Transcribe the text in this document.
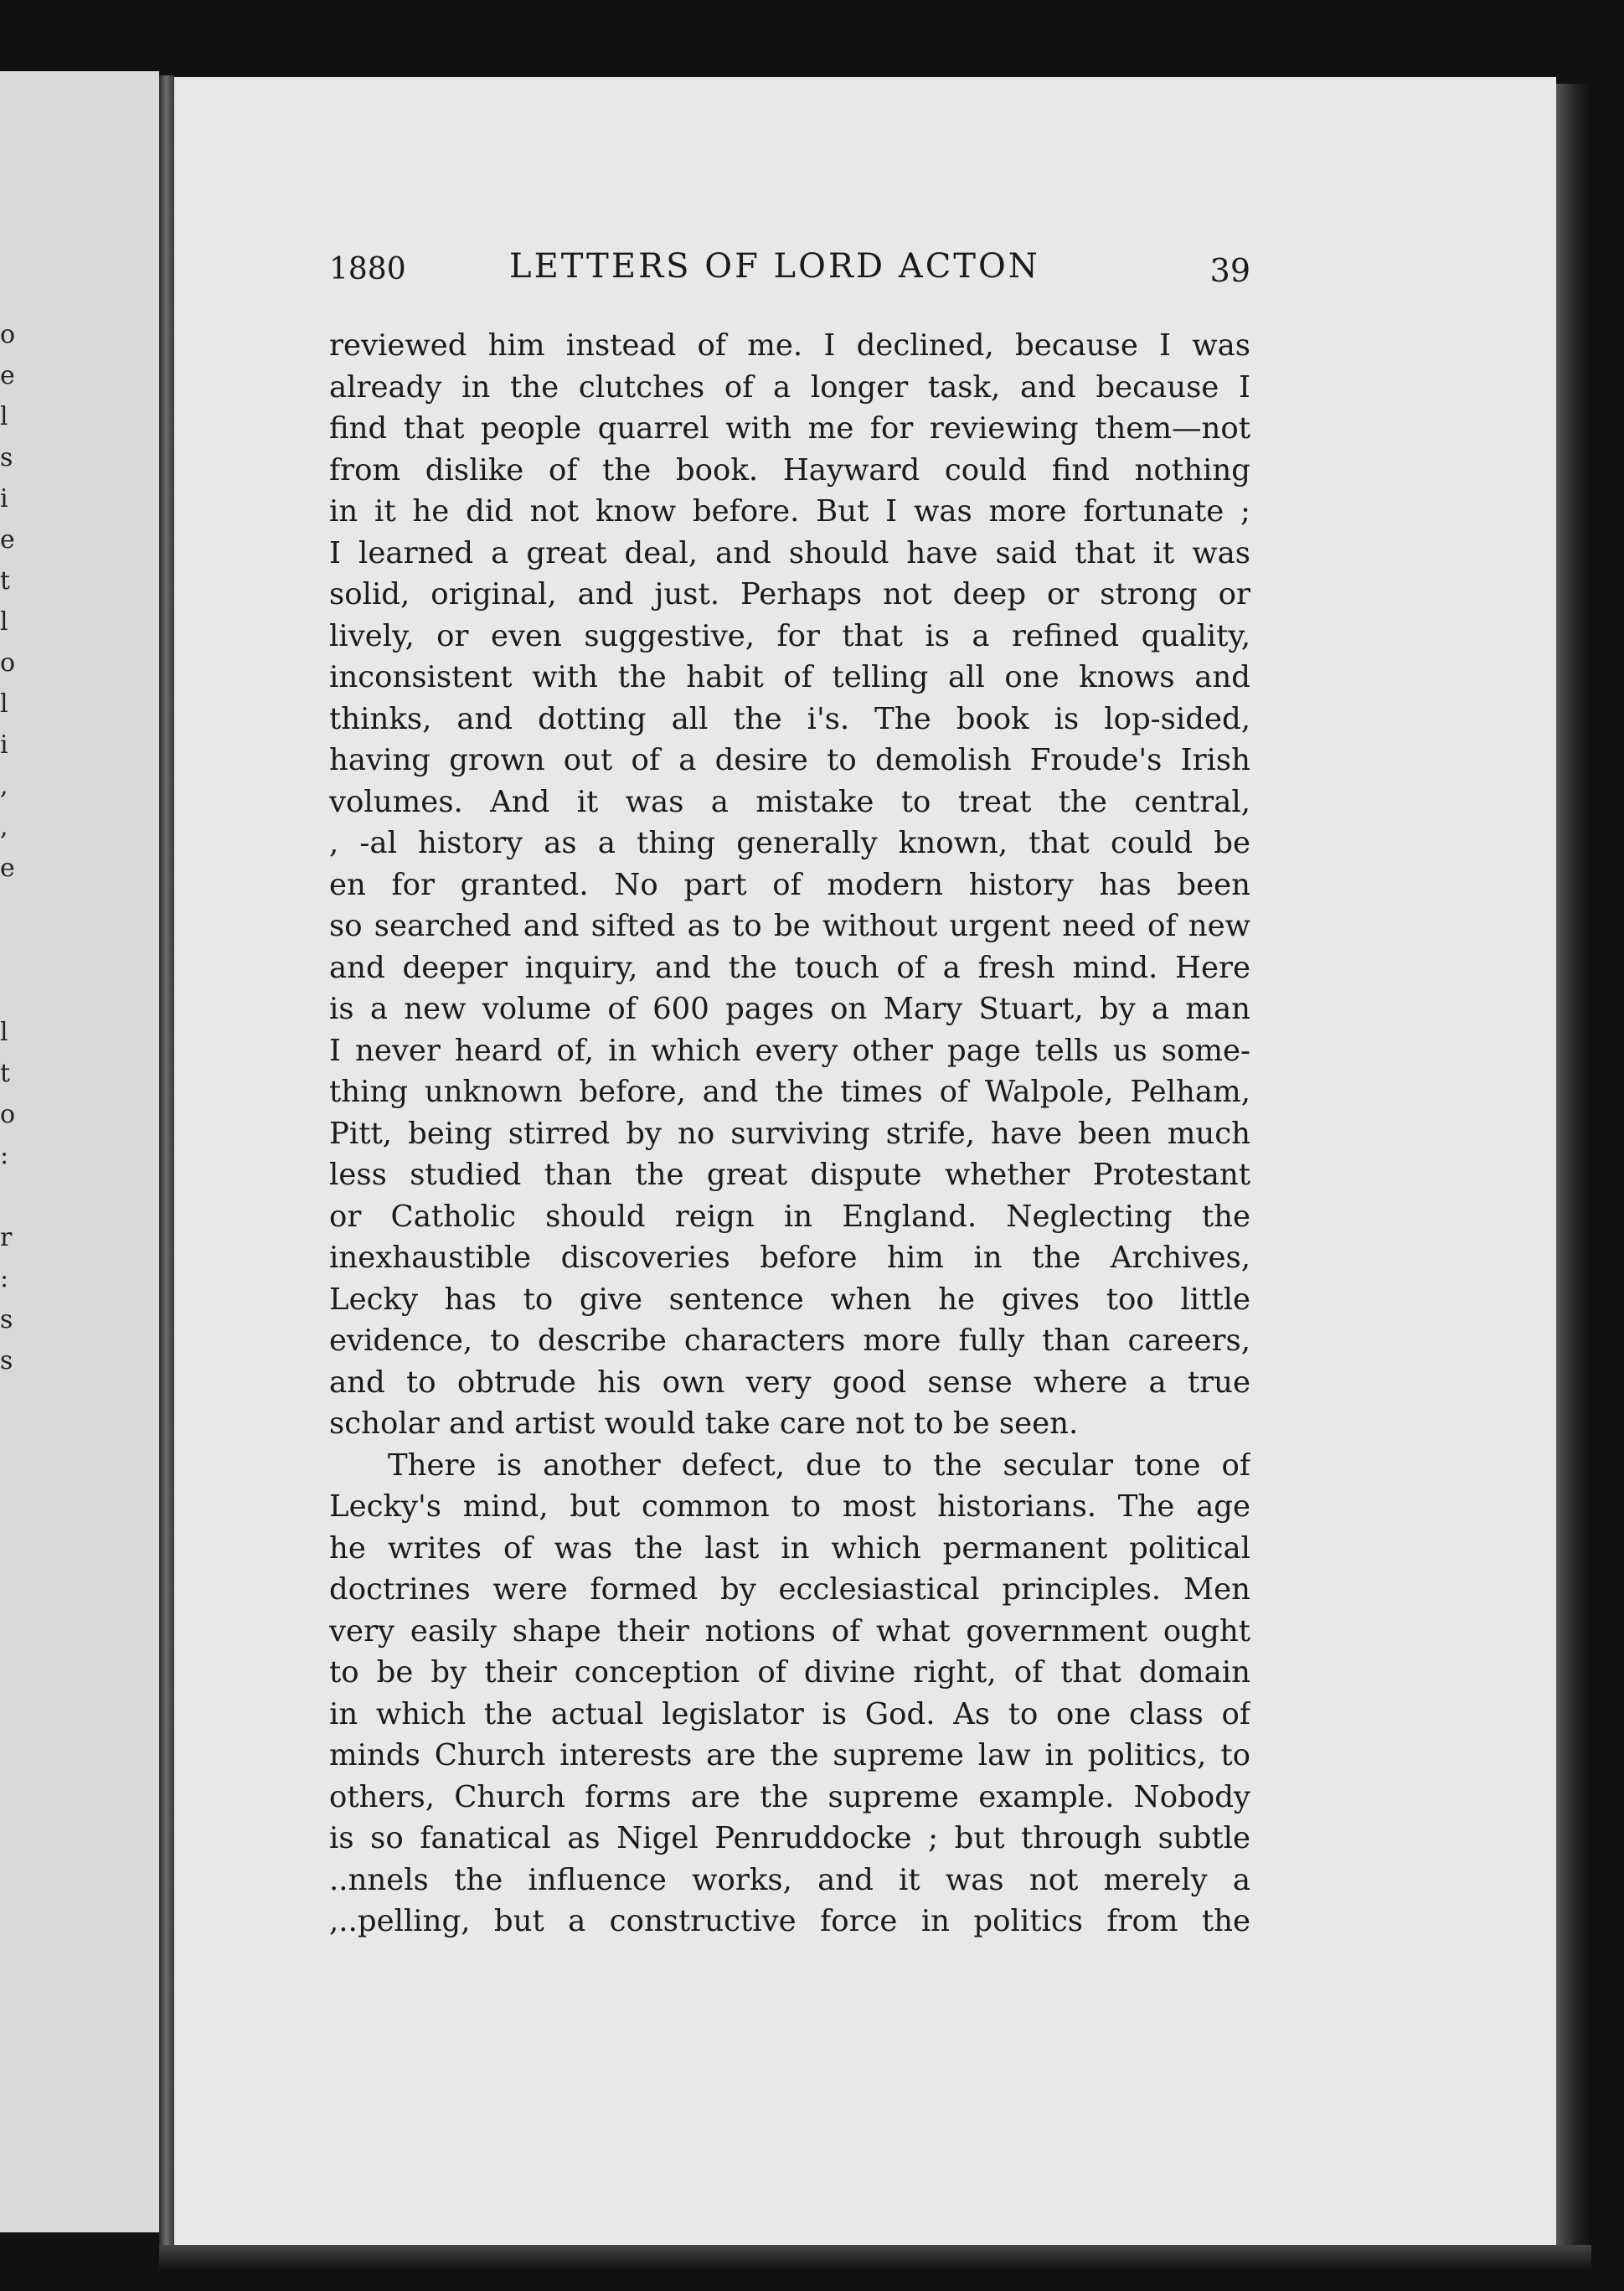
o
e
l
s
i
e
t
l
o
l
i
,
,
e
l
t
o
:
r
:
s
s
1880	LETTERS OF LORD ACTON	39
reviewed him instead of me. I declined, because I was
already in the clutches of a longer task, and because I
find that people quarrel with me for reviewing them—not
from dislike of the book. Hayward could find nothing
in it he did not know before. But I was more fortunate ;
I learned a great deal, and should have said that it was
solid, original, and just. Perhaps not deep or strong or
lively, or even suggestive, for that is a refined quality,
inconsistent with the habit of telling all one knows and
thinks, and dotting all the i's. The book is lop-sided,
having grown out of a desire to demolish Froude's Irish
volumes. And it was a mistake to treat the central,
, -al history as a thing generally known, that could be
en for granted. No part of modern history has been
so searched and sifted as to be without urgent need of new
and deeper inquiry, and the touch of a fresh mind. Here
is a new volume of 600 pages on Mary Stuart, by a man
I never heard of, in which every other page tells us some-
thing unknown before, and the times of Walpole, Pelham,
Pitt, being stirred by no surviving strife, have been much
less studied than the great dispute whether Protestant
or Catholic should reign in England. Neglecting the
inexhaustible discoveries before him in the Archives,
Lecky has to give sentence when he gives too little
evidence, to describe characters more fully than careers,
and to obtrude his own very good sense where a true
scholar and artist would take care not to be seen.
There is another defect, due to the secular tone of
Lecky's mind, but common to most historians. The age
he writes of was the last in which permanent political
doctrines were formed by ecclesiastical principles. Men
very easily shape their notions of what government ought
to be by their conception of divine right, of that domain
in which the actual legislator is God. As to one class of
minds Church interests are the supreme law in politics, to
others, Church forms are the supreme example. Nobody
is so fanatical as Nigel Penruddocke ; but through subtle
..nnels the influence works, and it was not merely a
,..pelling, but a constructive force in politics from the
